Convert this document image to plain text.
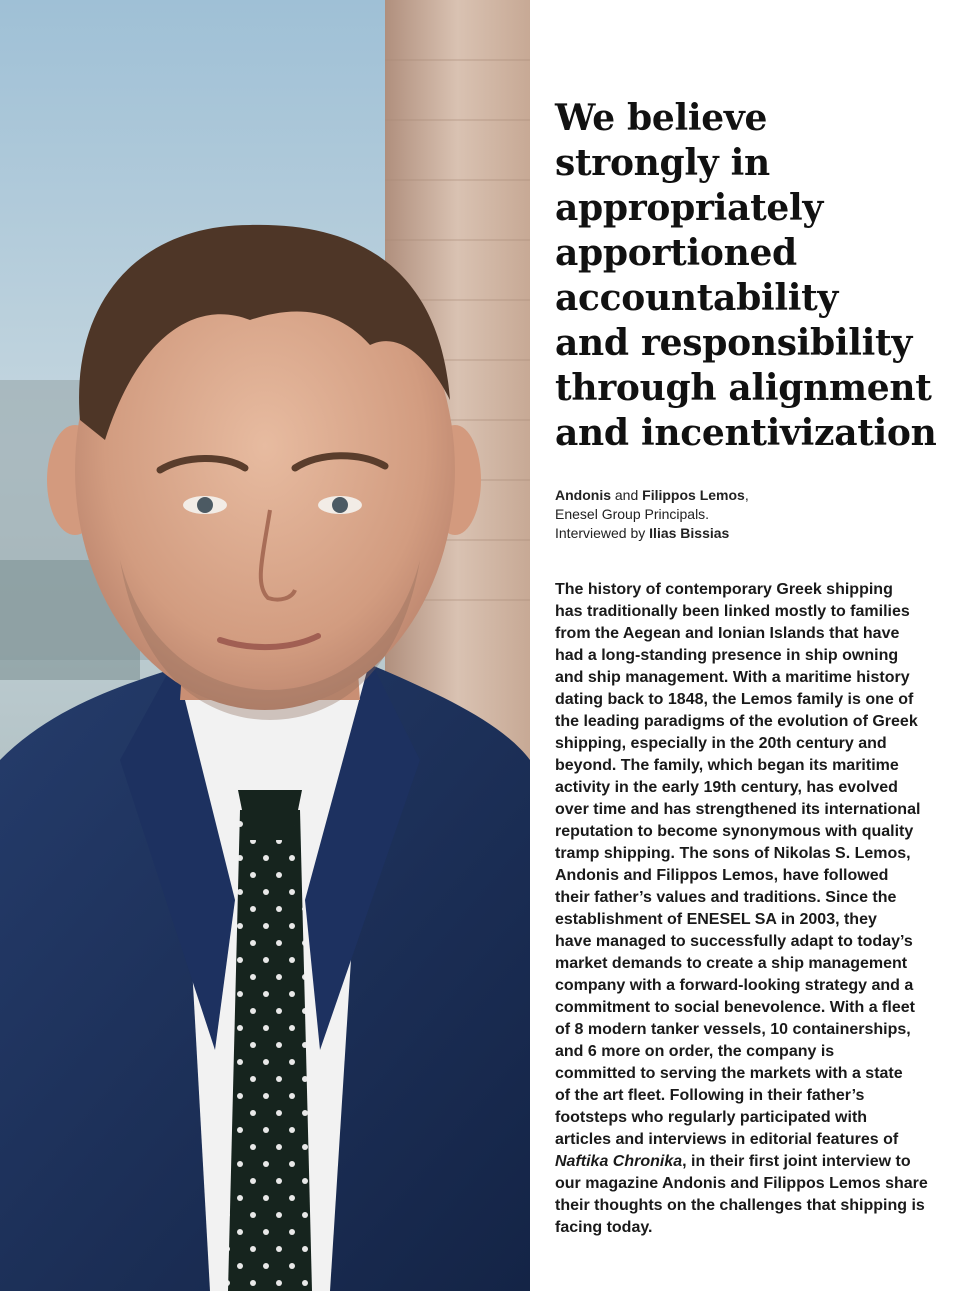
We believe
strongly in
appropriately
apportioned
accountability
and responsibility
through alignment
and incentivization

Andonis and Filippos Lemos,

Enesel Group Principals.

Interviewed by Ilias Bissias

The history of contemporary Greek shipping
has traditionally been linked mostly to families
from the Aegean and Ionian Islands that have
had a long-standing presence in ship owning
and ship management. With a maritime history
dating back to 1848, the Lemos family is one of
the leading paradigms of the evolution of Greek
shipping, especially in the 20th century and
beyond. The family, which began its maritime
activity in the early 19th century, has evolved
over time and has strengthened its international
reputation to become synonymous with quality
tramp shipping. The sons of Nikolas S. Lemos,
Andonis and Filippos Lemos, have followed
their father’s values and traditions. Since the
establishment of ENESEL SA in 2003, they
have managed to successfully adapt to today’s
market demands to create a ship management
company with a forward-looking strategy and a
commitment to social benevolence. With a fleet
of 8 modern tanker vessels, 10 containerships,
and 6 more on order, the company is
committed to serving the markets with a state
of the art fleet. Following in their father’s
footsteps who regularly participated with
articles and interviews in editorial features of
Naftika Chronika, in their first joint interview to
our magazine Andonis and Filippos Lemos share
their thoughts on the challenges that shipping is
facing today.
